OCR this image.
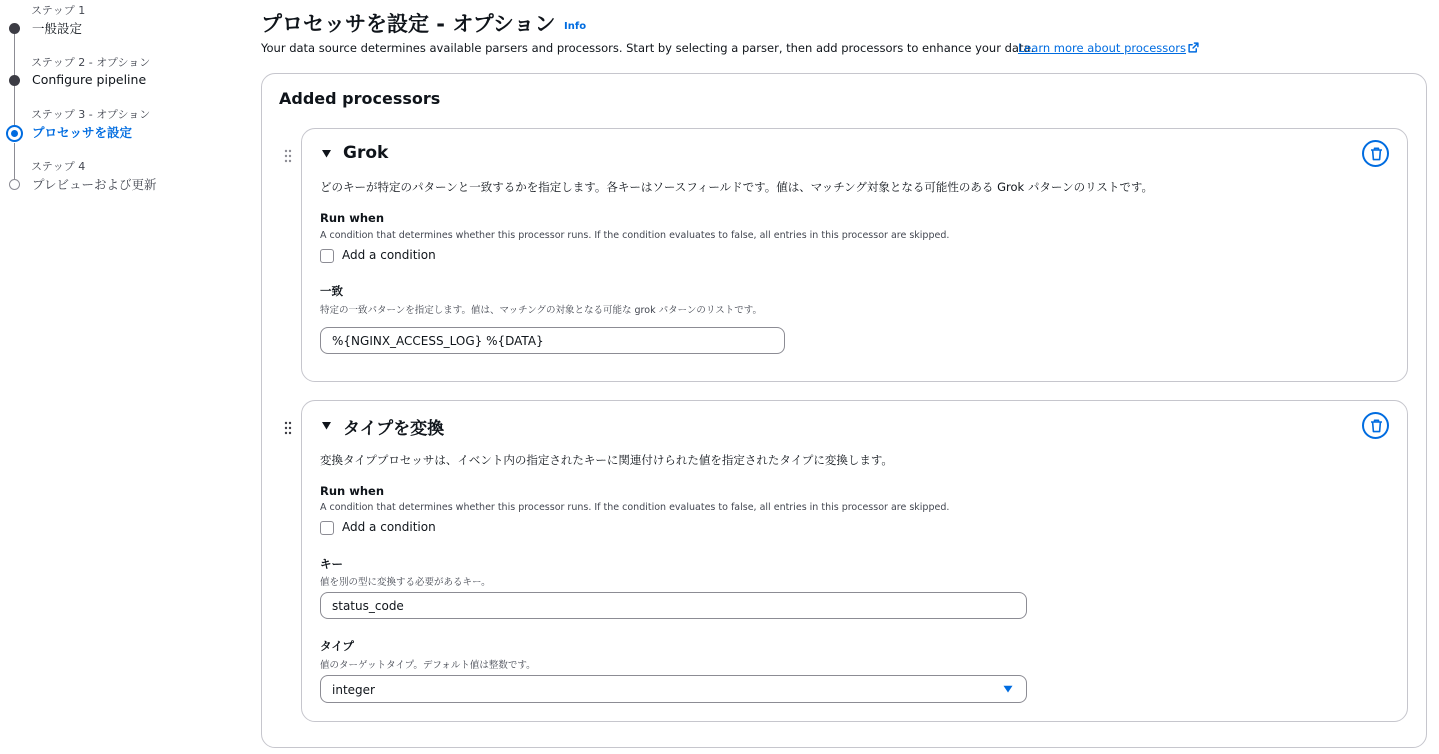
ステップ 1
一般設定
ステップ 2 - オプション
Configure pipeline
ステップ 3 - オプション
プロセッサを設定
ステップ 4
プレビューおよび更新
プロセッサを設定 - オプション Info

Your data source determines available parsers and processors. Start by selecting a parser, then add processors to enhance your data.

Learn more about processors
Added processors
Grok

どのキーが特定のパターンと一致するかを指定します。各キーはソースフィールドです。値は、マッチング対象となる可能性のある Grok パターンのリストです。

Run when
A condition that determines whether this processor runs. If the condition evaluates to false, all entries in this processor are skipped.
Add a condition
一致
特定の一致パターンを指定します。値は、マッチングの対象となる可能な grok パターンのリストです。
%{NGINX_ACCESS_LOG} %{DATA}
タイプを変換

変換タイププロセッサは、イベント内の指定されたキーに関連付けられた値を指定されたタイプに変換します。

Run when
A condition that determines whether this processor runs. If the condition evaluates to false, all entries in this processor are skipped.
Add a condition
キー
値を別の型に変換する必要があるキー。
status_code
タイプ
値のターゲットタイプ。デフォルト値は整数です。
integer
